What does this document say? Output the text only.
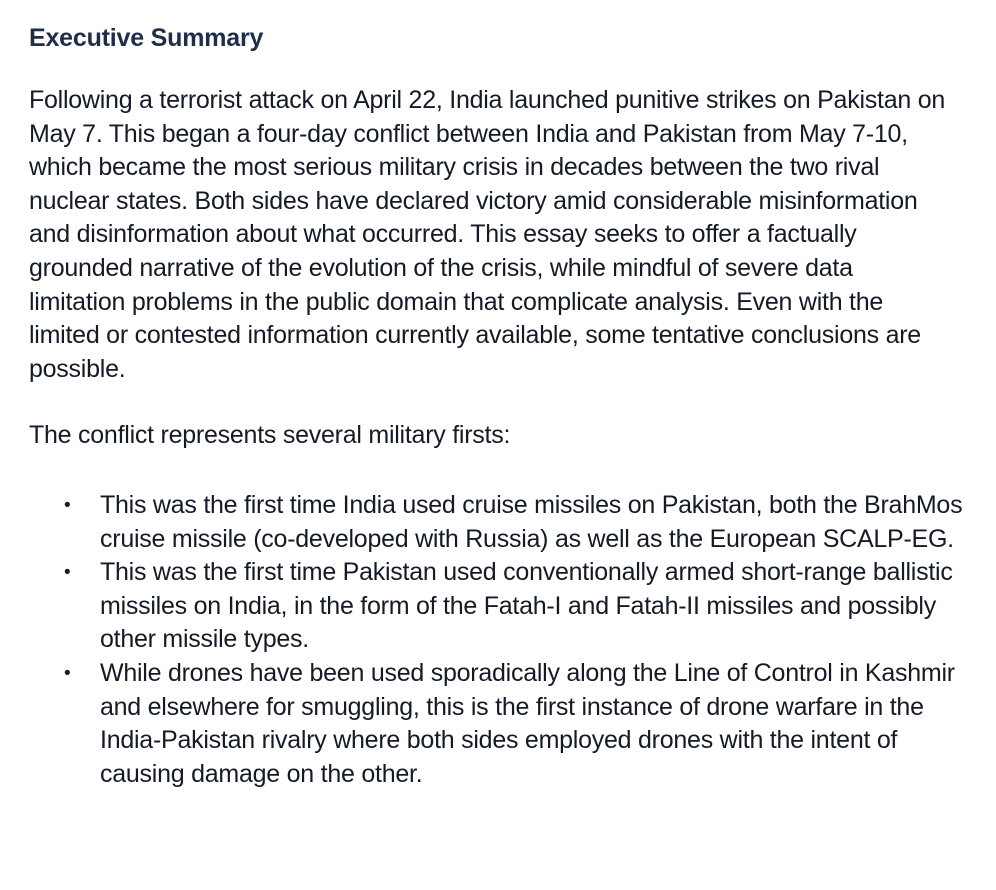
Executive Summary

Following a terrorist attack on April 22, India launched punitive strikes on Pakistan on May 7. This began a four-day conflict between India and Pakistan from May 7-10, which became the most serious military crisis in decades between the two rival nuclear states. Both sides have declared victory amid considerable misinformation and disinformation about what occurred. This essay seeks to offer a factually grounded narrative of the evolution of the crisis, while mindful of severe data limitation problems in the public domain that complicate analysis. Even with the limited or contested information currently available, some tentative conclusions are possible.

The conflict represents several military firsts:

• This was the first time India used cruise missiles on Pakistan, both the BrahMos cruise missile (co-developed with Russia) as well as the European SCALP-EG.
• This was the first time Pakistan used conventionally armed short-range ballistic missiles on India, in the form of the Fatah-I and Fatah-II missiles and possibly other missile types.
• While drones have been used sporadically along the Line of Control in Kashmir and elsewhere for smuggling, this is the first instance of drone warfare in the India-Pakistan rivalry where both sides employed drones with the intent of causing damage on the other.
